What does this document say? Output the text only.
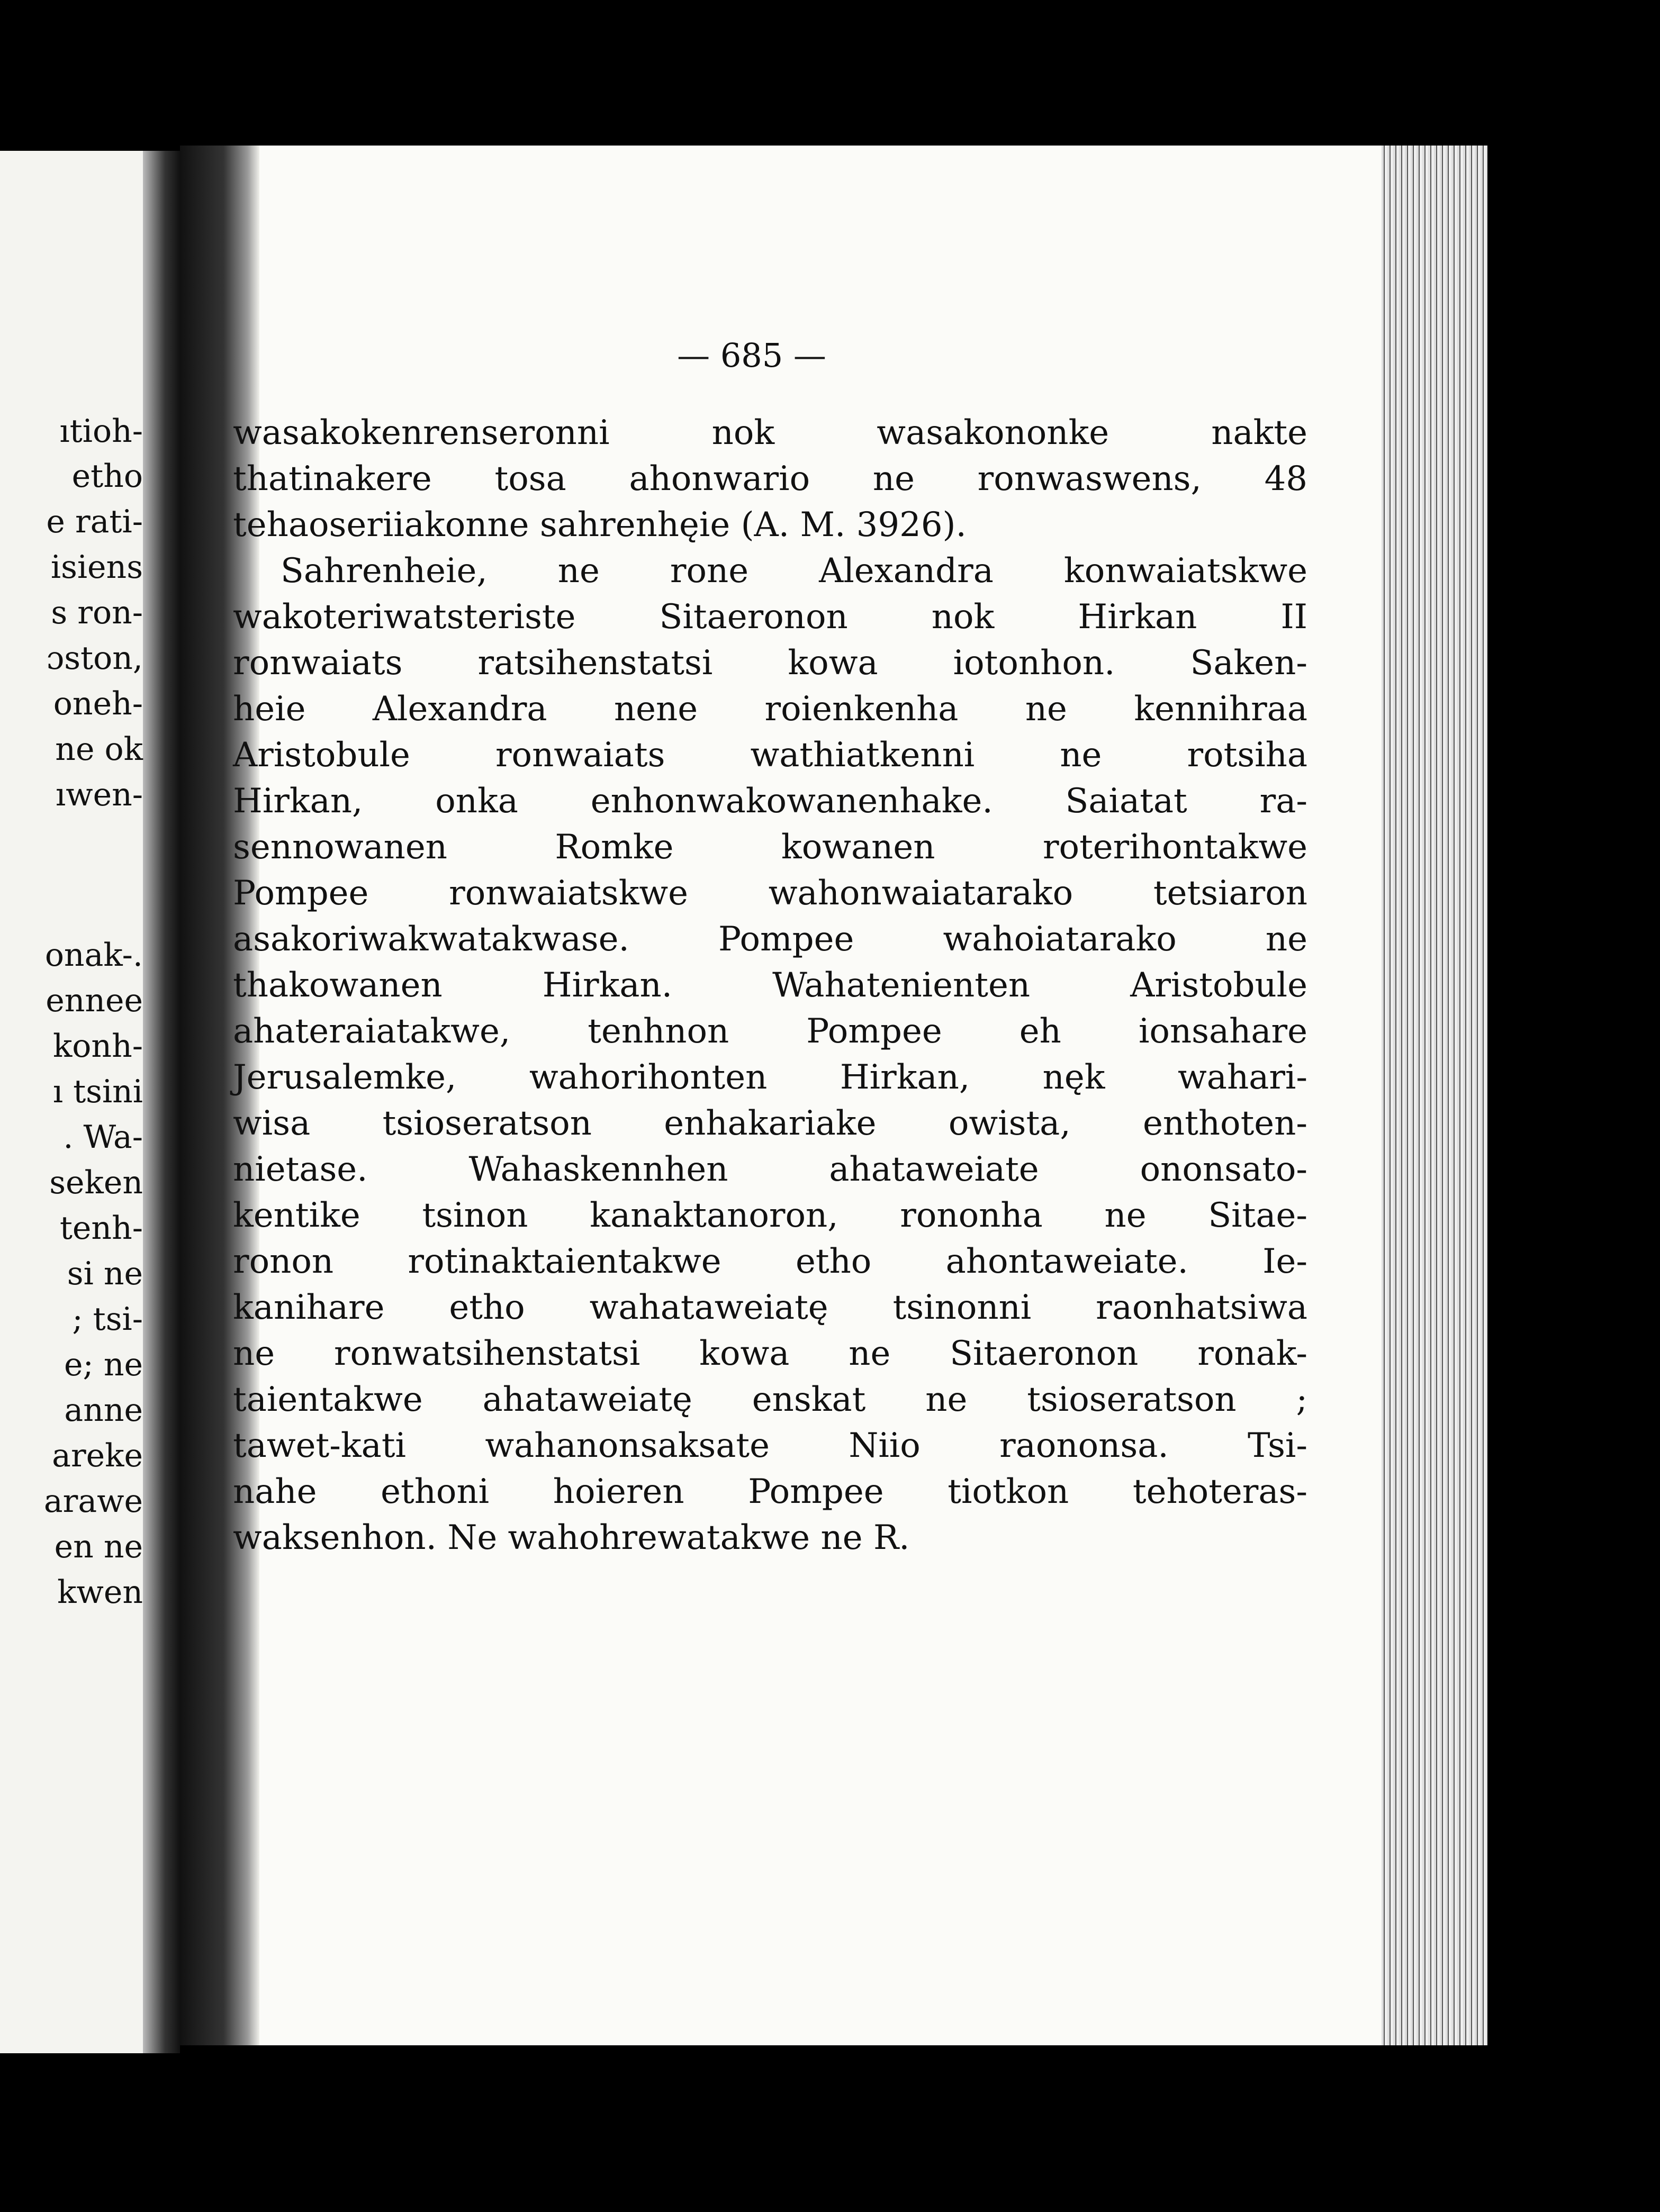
ıtioh-
etho
e rati-
isiens
s ron-
ɔston,
oneh-
ne ok
ıwen-
onak-.
ennee
konh-
ı tsini
. Wa-
seken
tenh-
si ne
; tsi-
e; ne
anne
areke
arawe
en ne
kwen
— 685 —
wasakokenrenseronni nok wasakononke nakte
thatinakere tosa ahonwario ne ronwaswens, 48
tehaoseriiakonne sahrenhęie (A. M. 3926).
Sahrenheie, ne rone Alexandra konwaiatskwe
wakoteriwatsteriste Sitaeronon nok Hirkan II
ronwaiats ratsihenstatsi kowa iotonhon. Saken-
heie Alexandra nene roienkenha ne kennihraa
Aristobule ronwaiats wathiatkenni ne rotsiha
Hirkan, onka enhonwakowanenhake. Saiatat ra-
sennowanen Romke kowanen roterihontakwe
Pompee ronwaiatskwe wahonwaiatarako tetsiaron
asakoriwakwatakwase. Pompee wahoiatarako ne
thakowanen Hirkan. Wahatenienten Aristobule
ahateraiatakwe, tenhnon Pompee eh ionsahare
Jerusalemke, wahorihonten Hirkan, nęk wahari-
wisa tsioseratson enhakariake owista, enthoten-
nietase. Wahaskennhen ahataweiate ononsato-
kentike tsinon kanaktanoron, rononha ne Sitae-
ronon rotinaktaientakwe etho ahontaweiate. Ie-
kanihare etho wahataweiatę tsinonni raonhatsiwa
ne ronwatsihenstatsi kowa ne Sitaeronon ronak-
taientakwe ahataweiatę enskat ne tsioseratson ;
tawet-kati wahanonsaksate Niio raononsa. Tsi-
nahe ethoni hoieren Pompee tiotkon tehoteras-
waksenhon. Ne wahohrewatakwe ne R.
